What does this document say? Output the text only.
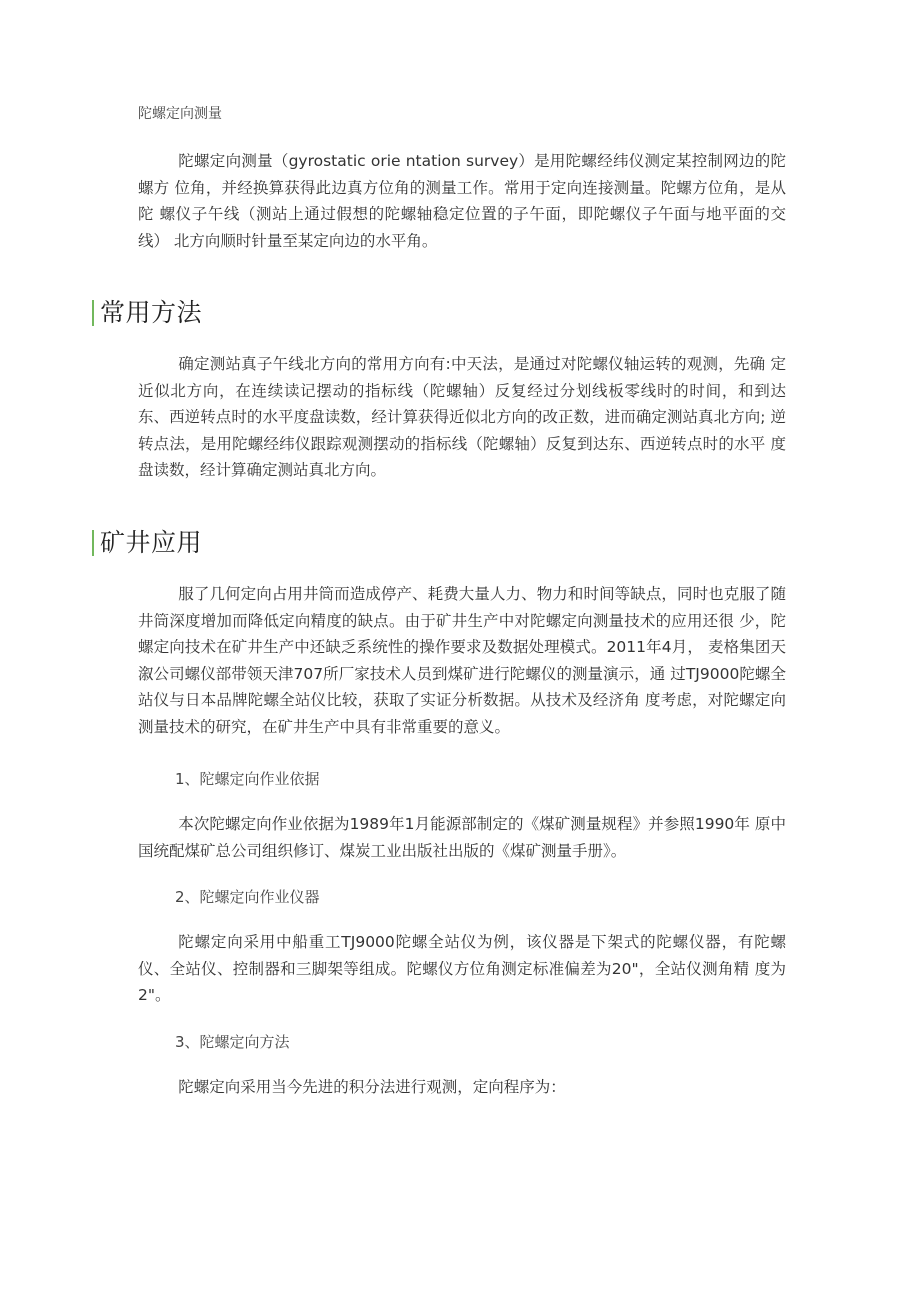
陀螺定向测量

陀螺定向测量（gyrostatic orie ntation survey）是用陀螺经纬仪测定某控制网边的陀螺方 位角，并经换算获得此边真方位角的测量工作。常用于定向连接测量。陀螺方位角，是从陀 螺仪子午线（测站上通过假想的陀螺轴稳定位置的子午面，即陀螺仪子午面与地平面的交线） 北方向顺时针量至某定向边的水平角。

常用方法

确定测站真子午线北方向的常用方向有:中天法，是通过对陀螺仪轴运转的观测，先确 定近似北方向，在连续读记摆动的指标线（陀螺轴）反复经过分划线板零线时的时间，和到达 东、西逆转点时的水平度盘读数，经计算获得近似北方向的改正数，进而确定测站真北方向; 逆转点法，是用陀螺经纬仪跟踪观测摆动的指标线（陀螺轴）反复到达东、西逆转点时的水平 度盘读数，经计算确定测站真北方向。

矿井应用

服了几何定向占用井筒而造成停产、耗费大量人力、物力和时间等缺点，同时也克服了随井筒深度增加而降低定向精度的缺点。由于矿井生产中对陀螺定向测量技术的应用还很 少，陀螺定向技术在矿井生产中还缺乏系统性的操作要求及数据处理模式。2011年4月， 麦格集团天溆公司螺仪部带领天津707所厂家技术人员到煤矿进行陀螺仪的测量演示，通 过TJ9000陀螺全站仪与日本品牌陀螺全站仪比较，获取了实证分析数据。从技术及经济角 度考虑，对陀螺定向测量技术的研究，在矿井生产中具有非常重要的意义。

1、陀螺定向作业依据

本次陀螺定向作业依据为1989年1月能源部制定的《煤矿测量规程》并参照1990年 原中国统配煤矿总公司组织修订、煤炭工业出版社出版的《煤矿测量手册》。

2、陀螺定向作业仪器

陀螺定向采用中船重工TJ9000陀螺全站仪为例，该仪器是下架式的陀螺仪器，有陀螺仪、全站仪、控制器和三脚架等组成。陀螺仪方位角测定标准偏差为20"，全站仪测角精 度为2"。

3、陀螺定向方法

陀螺定向采用当今先进的积分法进行观测，定向程序为：
